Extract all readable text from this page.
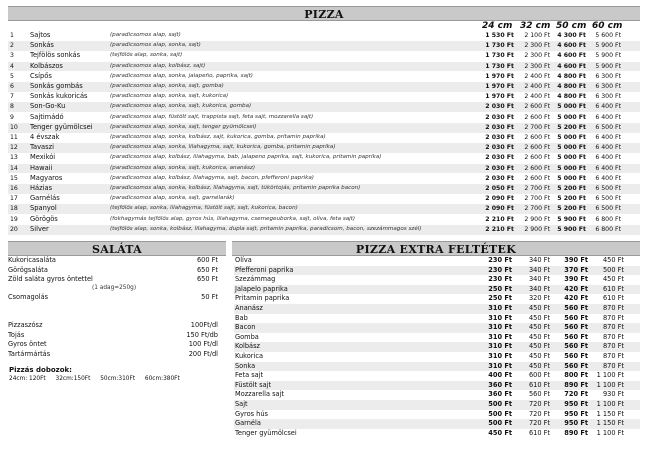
PIZZA
24 cm 32 cm 50 cm 60 cm
1 Sajtos	(paradicsomos alap, sajt)	1 530 Ft	2 100 Ft	4 300 Ft	5 600 Ft
2 Sonkás	(paradicsomos alap, sonka, sajt)	1 730 Ft	2 300 Ft	4 600 Ft	5 900 Ft
3 Tejfölös sonkás	(tejfölös alap, sonka, sajt)	1 730 Ft	2 300 Ft	4 600 Ft	5 900 Ft
4 Kolbászos	(paradicsomos alap, kolbász, sajt)	1 730 Ft	2 300 Ft	4 600 Ft	5 900 Ft
5 Csípős	(paradicsomos alap, sonka, jalapeño, paprika, sajt)	1 970 Ft	2 400 Ft	4 800 Ft	6 300 Ft
6 Sonkás gombás	(paradicsomos alap, sonka, sajt, gomba)	1 970 Ft	2 400 Ft	4 800 Ft	6 300 Ft
7 Sonkás kukoricás	(paradicsomos alap, sonka, sajt, kukorica)	1 970 Ft	2 400 Ft	4 800 Ft	6 300 Ft
8 Son-Go-Ku	(paradicsomos alap, sonka, sajt, kukorica, gomba)	2 030 Ft	2 600 Ft	5 000 Ft	6 400 Ft
9 Sajtimádó	(paradicsomos alap, füstölt sajt, trappista sajt, feta sajt, mozzarella sajt)	2 030 Ft	2 600 Ft	5 000 Ft	6 400 Ft
10 Tenger gyümölcsei	(paradicsomos alap, sonka, sajt, tenger gyümölcsei)	2 030 Ft	2 700 Ft	5 200 Ft	6 500 Ft
11 4 évszak	(paradicsomos alap, sonka, kolbász, sajt, kukorica, gomba, pritamin paprika)	2 030 Ft	2 600 Ft	5 000 Ft	6 400 Ft
12 Tavaszi	(paradicsomos alap, sonka, lilahagyma, sajt, kukorica, gomba, pritamin paprika)	2 030 Ft	2 600 Ft	5 000 Ft	6 400 Ft
13 Mexikói	(paradicsomos alap, kolbász, lilahagyma, bab, jalapeno paprika, sajt, kukorica, pritamin paprika)	2 030 Ft	2 600 Ft	5 000 Ft	6 400 Ft
14 Hawaii	(paradicsomos alap, sonka, sajt, kukorica, ananász)	2 030 Ft	2 600 Ft	5 000 Ft	6 400 Ft
15 Magyaros	(paradicsomos alap, kolbász, lilahagyma, sajt, bacon, pfefferoni paprika)	2 030 Ft	2 600 Ft	5 000 Ft	6 400 Ft
16 Házias	(paradicsomos alap, sonka, kolbász, lilahagyma, sajt, tükörtojás, pritamin paprika bacon)	2 050 Ft	2 700 Ft	5 200 Ft	6 500 Ft
17 Garnélás	(paradicsomos alap, sonka, sajt, garnélarák)	2 090 Ft	2 700 Ft	5 200 Ft	6 500 Ft
18 Spanyol	(tejfölös alap, sonka, lilahagyma, füstölt sajt, sajt, kukorica, bacon)	2 090 Ft	2 700 Ft	5 200 Ft	6 500 Ft
19 Görögös	(fokhagymás tejfölös alap, gyros hús, lilahagyma, csemegeuborka, sajt, olíva, feta sajt)	2 210 Ft	2 900 Ft	5 900 Ft	6 800 Ft
20 Silver	(tejfölös alap, sonka, kolbász, lilahagyma, dupla sajt, pritamin paprika, paradicsom, bacon, szezámmagos szél)	2 210 Ft	2 900 Ft	5 900 Ft	6 800 Ft
SALÁTA	PIZZA EXTRA FELTÉTEK
Kukoricasaláta	600 Ft
Görögsaláta	650 Ft
Zöld saláta gyros öntettel	650 Ft
(1 adag=250g)
Csomagolás	50 Ft
Pizzaszósz	100Ft/dl
Tojás	150 Ft/db
Gyros öntet	100 Ft/dl
Tartármártás	200 Ft/dl
Pizzás dobozok:
24cm: 120Ft 32cm:150Ft 50cm:310Ft 60cm:380Ft
Olíva	230 Ft	340 Ft	390 Ft	450 Ft
Pfefferoni paprika	230 Ft	340 Ft	370 Ft	500 Ft
Szezámmag	230 Ft	340 Ft	390 Ft	450 Ft
Jalapelo paprika	250 Ft	340 Ft	420 Ft	610 Ft
Pritamin paprika	250 Ft	320 Ft	420 Ft	610 Ft
Ananász	310 Ft	450 Ft	560 Ft	870 Ft
Bab	310 Ft	450 Ft	560 Ft	870 Ft
Bacon	310 Ft	450 Ft	560 Ft	870 Ft
Gomba	310 Ft	450 Ft	560 Ft	870 Ft
Kolbász	310 Ft	450 Ft	560 Ft	870 Ft
Kukorica	310 Ft	450 Ft	560 Ft	870 Ft
Sonka	310 Ft	450 Ft	560 Ft	870 Ft
Feta sajt	400 Ft	600 Ft	800 Ft	1 100 Ft
Füstölt sajt	360 Ft	610 Ft	890 Ft	1 100 Ft
Mozzarella sajt	360 Ft	560 Ft	720 Ft	930 Ft
Sajt	500 Ft	720 Ft	950 Ft	1 100 Ft
Gyros hús	500 Ft	720 Ft	950 Ft	1 150 Ft
Garnéla	500 Ft	720 Ft	950 Ft	1 150 Ft
Tenger gyümölcsei	450 Ft	610 Ft	890 Ft	1 100 Ft
